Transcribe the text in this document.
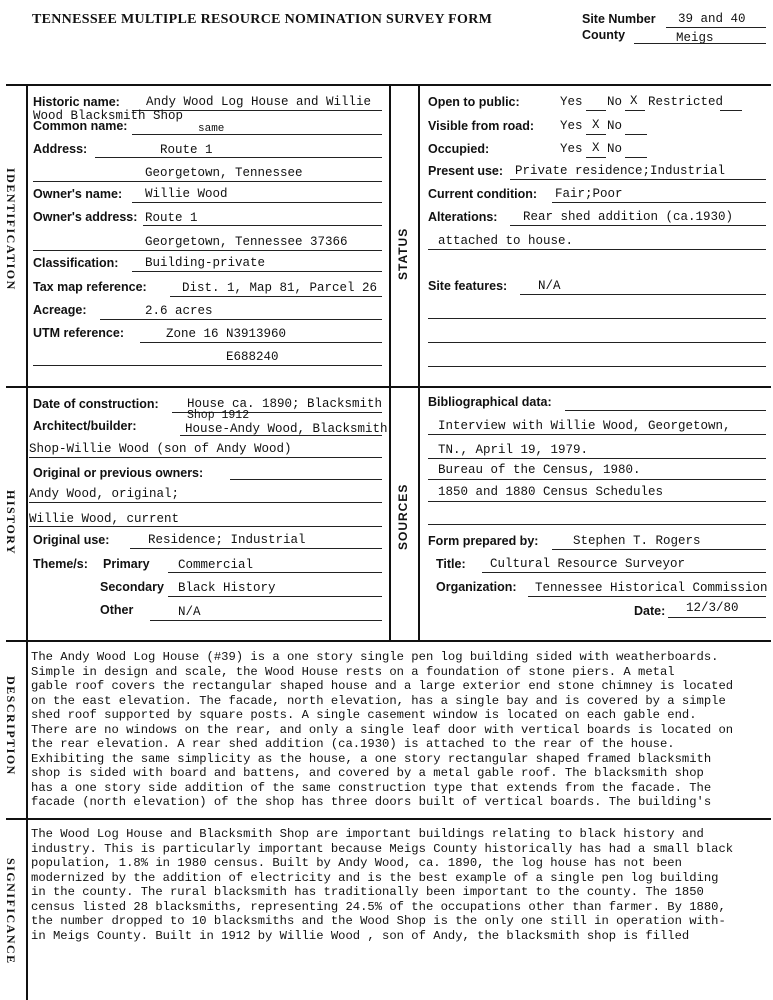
TENNESSEE MULTIPLE RESOURCE NOMINATION SURVEY FORM	Site Number 39 and 40
County	Meigs
IDENTIFICATION	STATUS
HISTORY	SOURCES
DESCRIPTION
SIGNIFICANCE
Historic name: Andy Wood Log House and Willie
Wood Blacksmith Shop
Common name:	same
Address:	Route 1
Georgetown, Tennessee
Owner's name: Willie Wood
Owner's address: Route 1
Georgetown, Tennessee 37366
Classification: Building-private
Tax map reference:	Dist. 1, Map 81, Parcel 26
Acreage:	2.6 acres
UTM reference:	Zone 16 N3913960
E688240
Open to public:	Yes No X Restricted
Visible from road: Yes X No
Occupied:	Yes X No
Present use: Private residence;Industrial
Current condition: Fair;Poor
Alterations: Rear shed addition (ca.1930)
attached to house.
Site features: N/A
Date of construction: House ca. 1890; Blacksmith
Shop 1912
Architect/builder:	House-Andy Wood, Blacksmith
Shop-Willie Wood (son of Andy Wood)
Original or previous owners:
Andy Wood, original;
Willie Wood, current
Original use:	Residence; Industrial
Theme/s: Primary Commercial
Secondary Black History
Other	N/A
Bibliographical data:
Interview with Willie Wood, Georgetown,
TN., April 19, 1979.
Bureau of the Census, 1980.
1850 and 1880 Census Schedules
Form prepared by:	Stephen T. Rogers
Title: Cultural Resource Surveyor
Organization: Tennessee Historical Commission
Date: 12/3/80
The Andy Wood Log House (#39) is a one story single pen log building sided with weatherboards.
Simple in design and scale, the Wood House rests on a foundation of stone piers. A metal
gable roof covers the rectangular shaped house and a large exterior end stone chimney is located
on the east elevation. The facade, north elevation, has a single bay and is covered by a simple
shed roof supported by square posts. A single casement window is located on each gable end.
There are no windows on the rear, and only a single leaf door with vertical boards is located on
the rear elevation. A rear shed addition (ca.1930) is attached to the rear of the house.
Exhibiting the same simplicity as the house, a one story rectangular shaped framed blacksmith
shop is sided with board and battens, and covered by a metal gable roof. The blacksmith shop
has a one story side addition of the same construction type that extends from the facade. The
facade (north elevation) of the shop has three doors built of vertical boards. The building's
The Wood Log House and Blacksmith Shop are important buildings relating to black history and
industry. This is particularly important because Meigs County historically has had a small black
population, 1.8% in 1980 census. Built by Andy Wood, ca. 1890, the log house has not been
modernized by the addition of electricity and is the best example of a single pen log building
in the county. The rural blacksmith has traditionally been important to the county. The 1850
census listed 28 blacksmiths, representing 24.5% of the occupations other than farmer. By 1880,
the number dropped to 10 blacksmiths and the Wood Shop is the only one still in operation with-
in Meigs County. Built in 1912 by Willie Wood , son of Andy, the blacksmith shop is filled
